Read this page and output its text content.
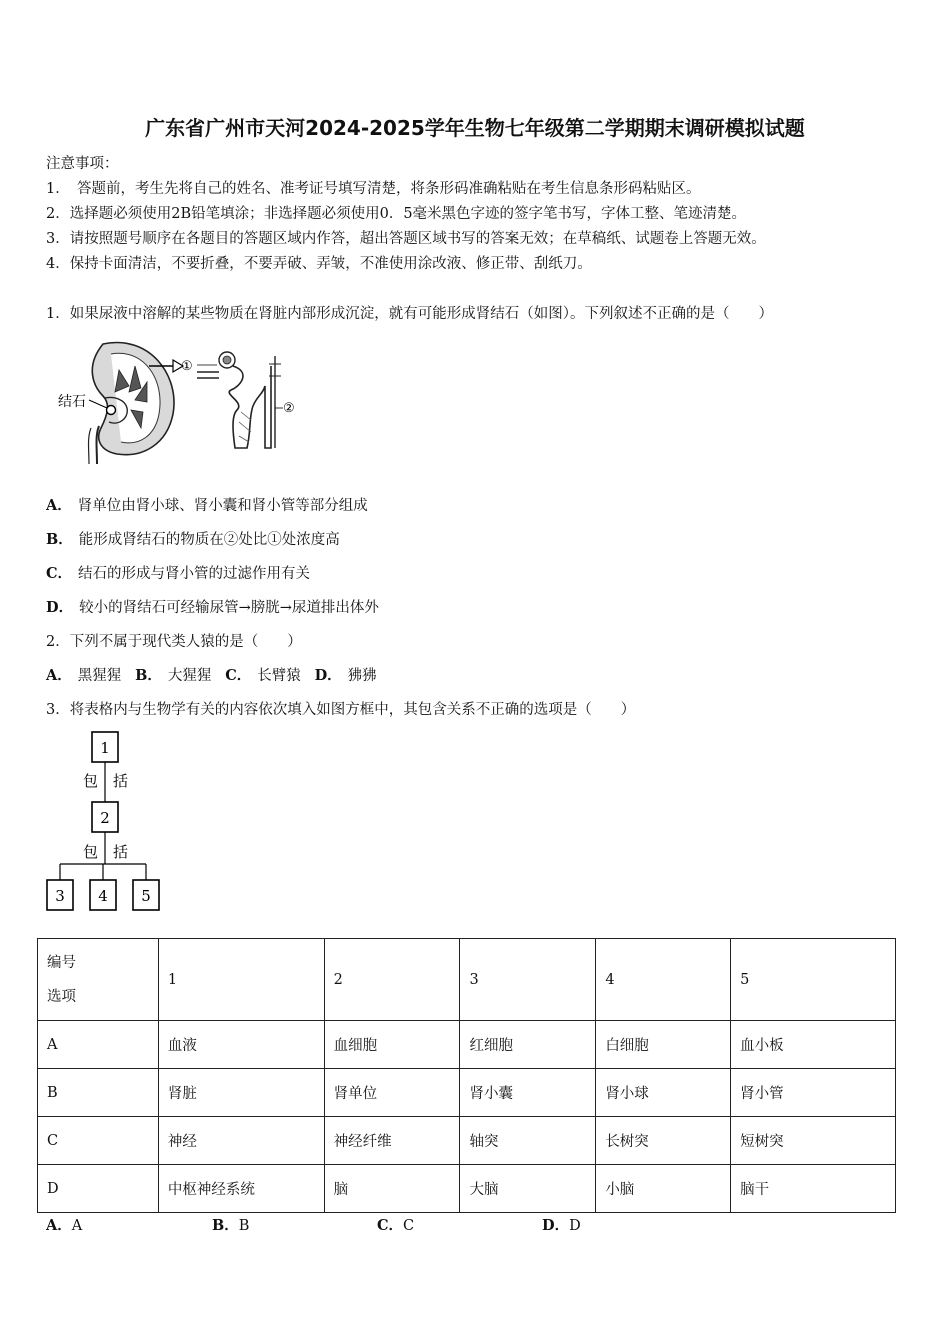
广东省广州市天河2024-2025学年生物七年级第二学期期末调研模拟试题
注意事项：
1．　答题前，考生先将自己的姓名、准考证号填写清楚，将条形码准确粘贴在考生信息条形码粘贴区。
2．选择题必须使用2B铅笔填涂；非选择题必须使用0．5毫米黑色字迹的签字笔书写，字体工整、笔迹清楚。
3．请按照题号顺序在各题目的答题区域内作答，超出答题区域书写的答案无效；在草稿纸、试题卷上答题无效。
4．保持卡面清洁，不要折叠，不要弄破、弄皱，不准使用涂改液、修正带、刮纸刀。
1．如果尿液中溶解的某些物质在肾脏内部形成沉淀，就有可能形成肾结石（如图）。下列叙述不正确的是（　　）
结石
①
②
A． 肾单位由肾小球、肾小囊和肾小管等部分组成
B． 能形成肾结石的物质在②处比①处浓度高
C． 结石的形成与肾小管的过滤作用有关
D． 较小的肾结石可经输尿管→膀胱→尿道排出体外
2．下列不属于现代类人猿的是（　　）
A． 黑猩猩 B． 大猩猩 C． 长臂猿 D． 狒狒
3．将表格内与生物学有关的内容依次填入如图方框中，其包含关系不正确的选项是（　　）
1
包　括
2
包　括
3 4 5
编号
选项	1	2	3	4	5
A	血液	血细胞	红细胞	白细胞	血小板
B	肾脏	肾单位	肾小囊	肾小球	肾小管
C	神经	神经纤维	轴突	长树突	短树突
D	中枢神经系统	脑	大脑	小脑	脑干
A．A	B．B	C．C	D．D
